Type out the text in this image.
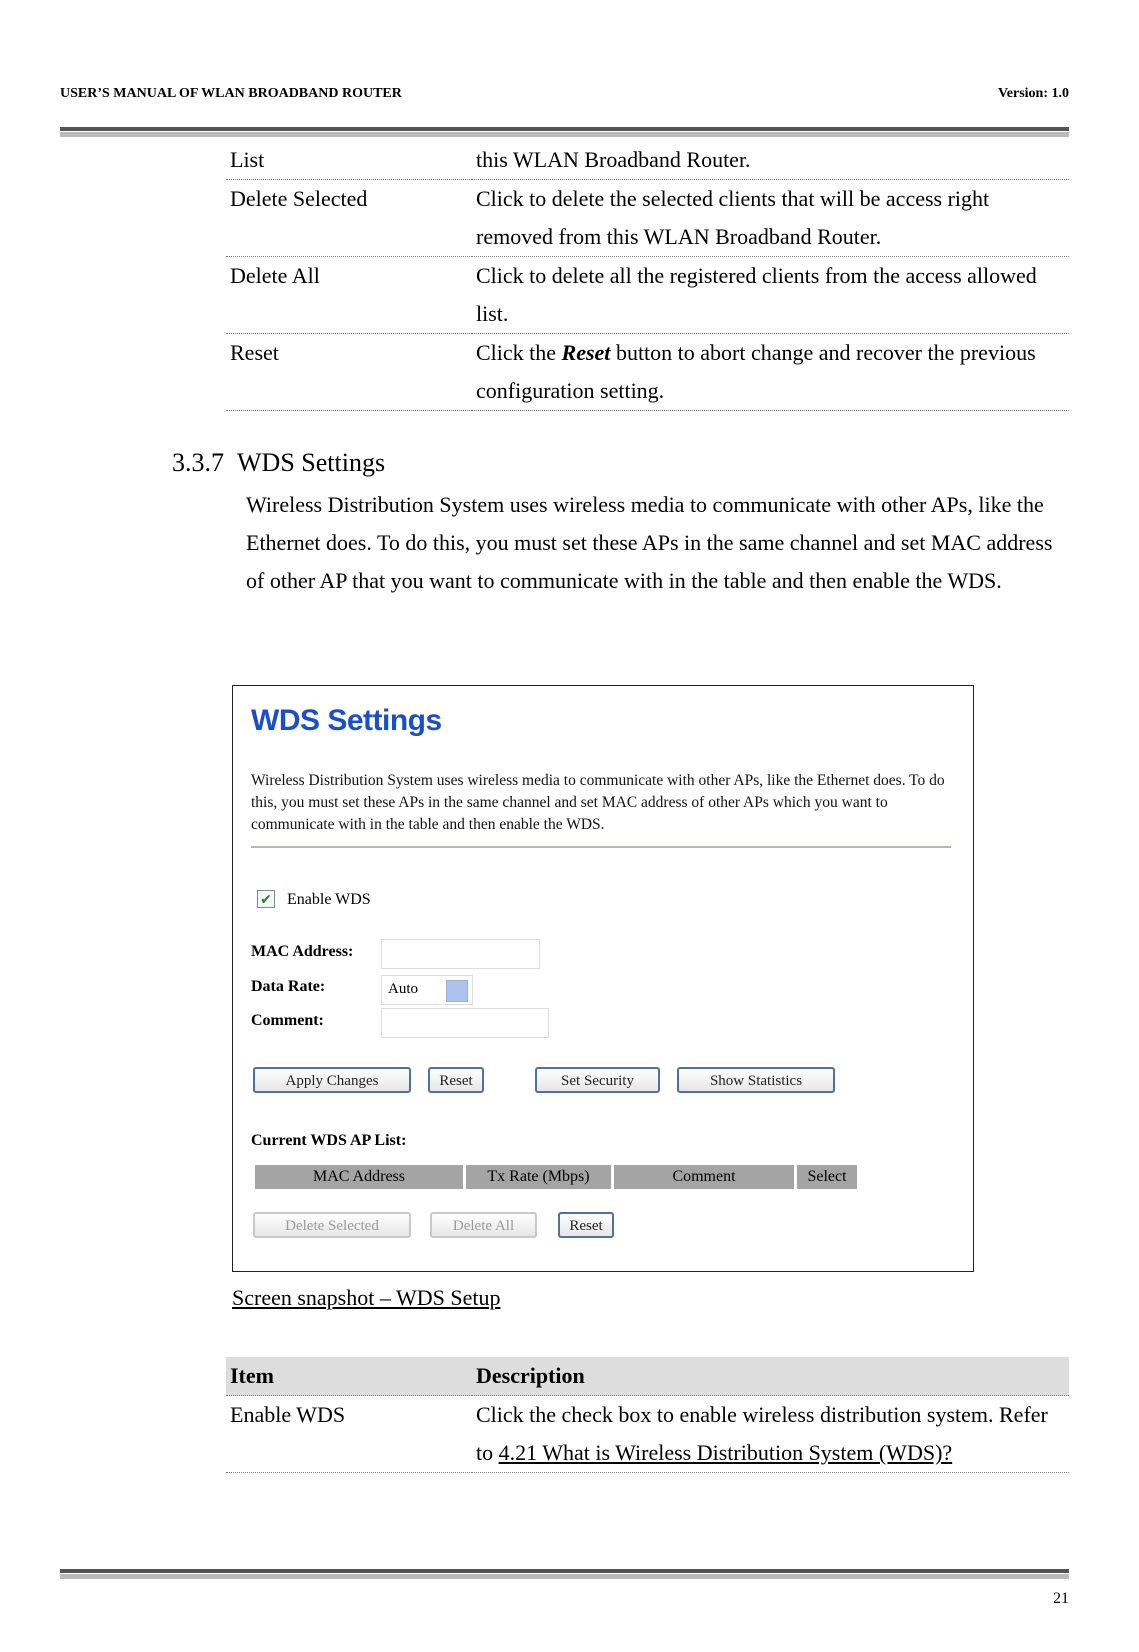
USER’S MANUAL OF WLAN BROADBAND ROUTER	Version: 1.0
List	this WLAN Broadband Router.
Delete Selected	Click to delete the selected clients that will be access right removed from this WLAN Broadband Router.
Delete All	Click to delete all the registered clients from the access allowed list.
Reset	Click the Reset button to abort change and recover the previous configuration setting.
3.3.7 WDS Settings
Wireless Distribution System uses wireless media to communicate with other APs, like the Ethernet does. To do this, you must set these APs in the same channel and set MAC address of other AP that you want to communicate with in the table and then enable the WDS.
WDS Settings
Wireless Distribution System uses wireless media to communicate with other APs, like the Ethernet does. To do this, you must set these APs in the same channel and set MAC address of other APs which you want to communicate with in the table and then enable the WDS.
✔ Enable WDS
MAC Address:
Data Rate:	Auto
Comment:
Apply Changes	Reset	Set Security	Show Statistics
Current WDS AP List:
MAC Address	Tx Rate (Mbps)	Comment	Select
Delete Selected	Delete All	Reset
Screen snapshot – WDS Setup
Item	Description
Enable WDS	Click the check box to enable wireless distribution system. Refer to 4.21 What is Wireless Distribution System (WDS)?
21
